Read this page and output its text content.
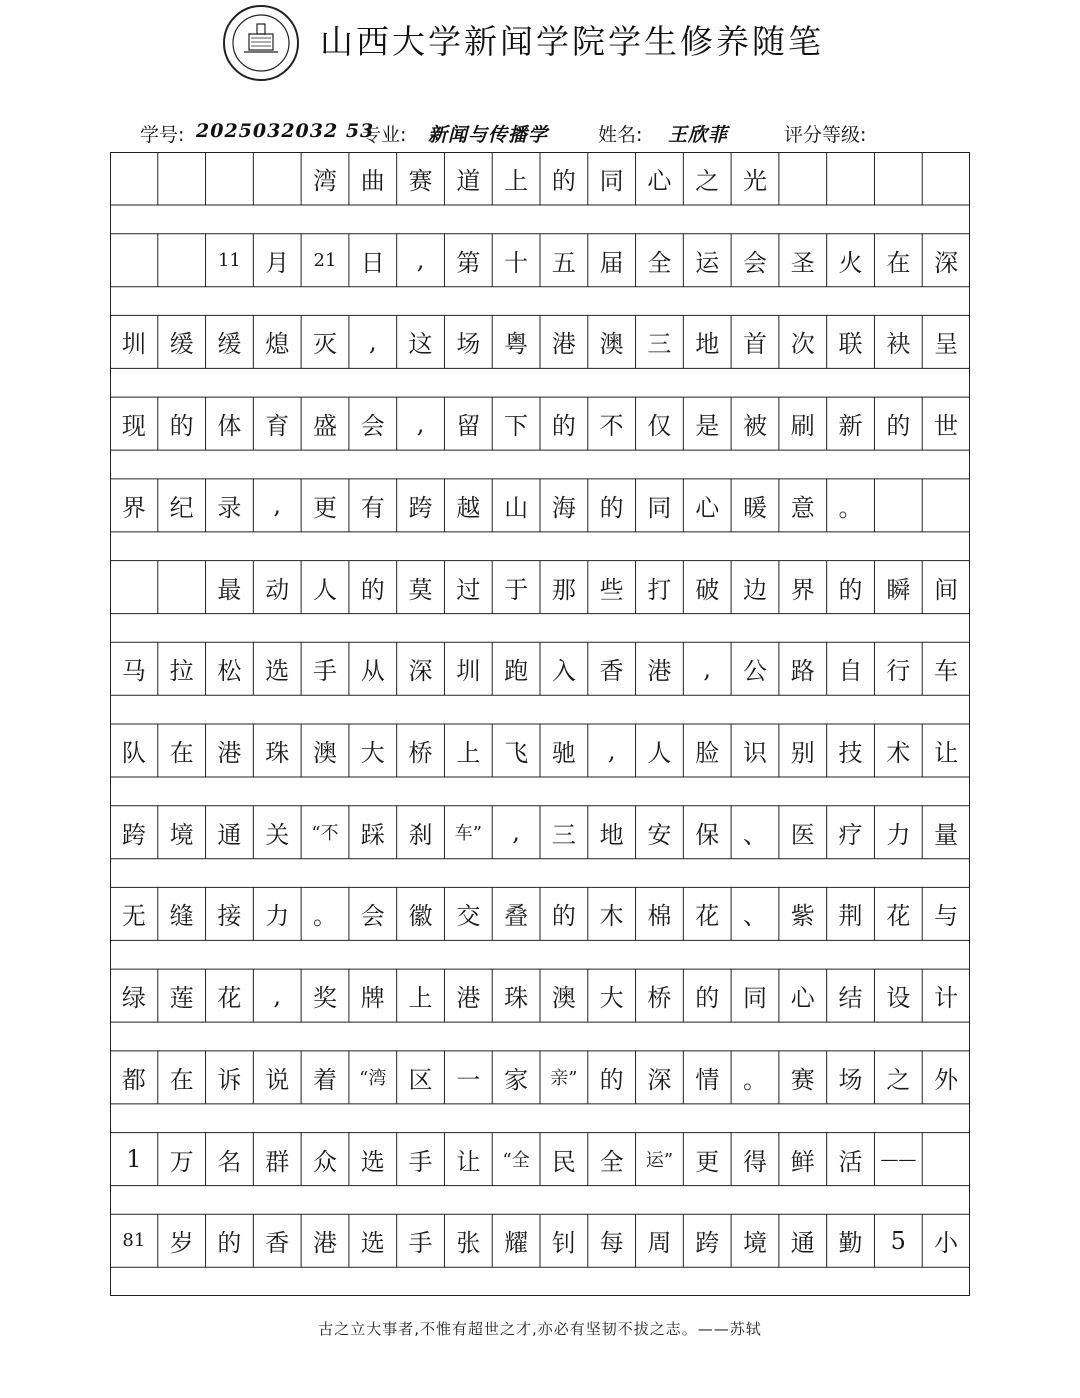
山西大学新闻学院学生修养随笔
学号: 2025032032 53
专业: 新闻与传播学	姓名: 王欣菲	评分等级:
湾 曲 赛 道 上 的 同 心 之 光
11	月	21	日	,	第 十 五 届 全 运 会 圣 火 在 深
圳 缓 缓 熄 灭	,	这 场 粤 港 澳 三 地 首 次 联 袂 呈
现 的 体 育 盛 会	,	留 下 的 不 仅 是 被 刷 新 的 世
界 纪 录	,	更 有 跨 越 山 海 的 同 心 暖 意 。
最 动 人 的 莫 过 于 那 些 打 破 边 界 的 瞬 间
马 拉 松 选 手 从 深 圳 跑 入 香 港	,	公 路 自 行 车
队 在 港 珠 澳 大 桥 上 飞 驰	,	人 脸 识 别 技 术 让
跨 境 通 关	“不 踩 刹	车”	,	三 地 安 保 、 医 疗 力 量
无 缝 接 力 。 会 徽 交 叠 的 木 棉 花 、 紫 荆 花 与
绿 莲 花	,	奖 牌 上 港 珠 澳 大 桥 的 同 心 结 设 计
都 在 诉 说 着	“湾 区 一 家	亲” 的 深 情 。 赛 场 之 外
1	万 名 群 众 选 手 让	“全 民 全	运” 更 得 鲜 活 ——
81	岁 的 香 港 选 手 张 耀 钊 每 周 跨 境 通 勤	5	小
古之立大事者,不惟有超世之才,亦必有坚韧不拔之志。——苏轼
